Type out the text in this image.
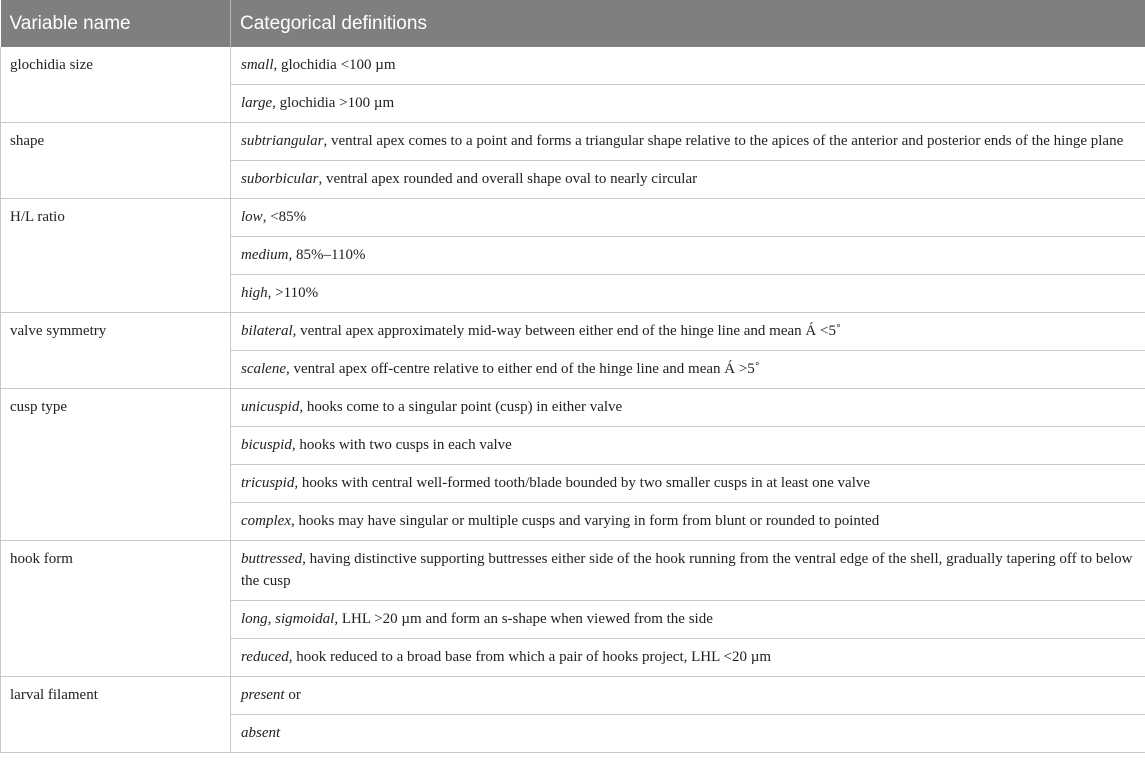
Variable name	Categorical definitions
glochidia size	small, glochidia <100 µm
	large, glochidia >100 µm
shape	subtriangular, ventral apex comes to a point and forms a triangular shape relative to the apices of the anterior and posterior ends of the hinge plane
	suborbicular, ventral apex rounded and overall shape oval to nearly circular
H/L ratio	low, <85%
	medium, 85%–110%
	high, >110%
valve symmetry	bilateral, ventral apex approximately mid-way between either end of the hinge line and mean Á <5˚
	scalene, ventral apex off-centre relative to either end of the hinge line and mean Á >5˚
cusp type	unicuspid, hooks come to a singular point (cusp) in either valve
	bicuspid, hooks with two cusps in each valve
	tricuspid, hooks with central well-formed tooth/blade bounded by two smaller cusps in at least one valve
	complex, hooks may have singular or multiple cusps and varying in form from blunt or rounded to pointed
hook form	buttressed, having distinctive supporting buttresses either side of the hook running from the ventral edge of the shell, gradually tapering off to below the cusp
	long, sigmoidal, LHL >20 µm and form an s-shape when viewed from the side
	reduced, hook reduced to a broad base from which a pair of hooks project, LHL <20 µm
larval filament	present or
	absent
